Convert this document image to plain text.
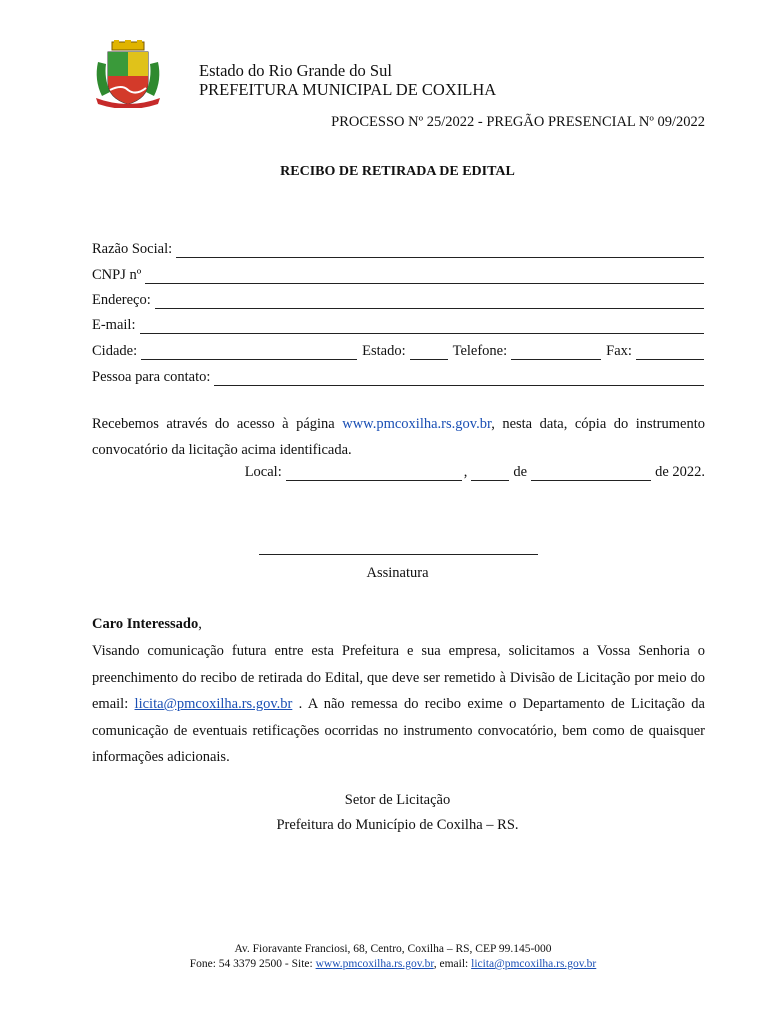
Estado do Rio Grande do Sul
PREFEITURA MUNICIPAL DE COXILHA
PROCESSO Nº 25/2022 - PREGÃO PRESENCIAL Nº 09/2022
RECIBO DE RETIRADA DE EDITAL
Razão Social:
CNPJ nº
Endereço:
E-mail:
Cidade:	Estado:	Telefone:	Fax:
Pessoa para contato:
Recebemos através do acesso à página www.pmcoxilha.rs.gov.br, nesta data, cópia do instrumento convocatório da licitação acima identificada.
Local:	,	de	de 2022.
Assinatura
Caro Interessado,
Visando comunicação futura entre esta Prefeitura e sua empresa, solicitamos a Vossa Senhoria o preenchimento do recibo de retirada do Edital, que deve ser remetido à Divisão de Licitação por meio do email: licita@pmcoxilha.rs.gov.br . A não remessa do recibo exime o Departamento de Licitação da comunicação de eventuais retificações ocorridas no instrumento convocatório, bem como de quaisquer informações adicionais.
Setor de Licitação
Prefeitura do Município de Coxilha – RS.
Av. Fioravante Franciosi, 68, Centro, Coxilha – RS, CEP 99.145-000
Fone: 54 3379 2500 - Site: www.pmcoxilha.rs.gov.br, email: licita@pmcoxilha.rs.gov.br
